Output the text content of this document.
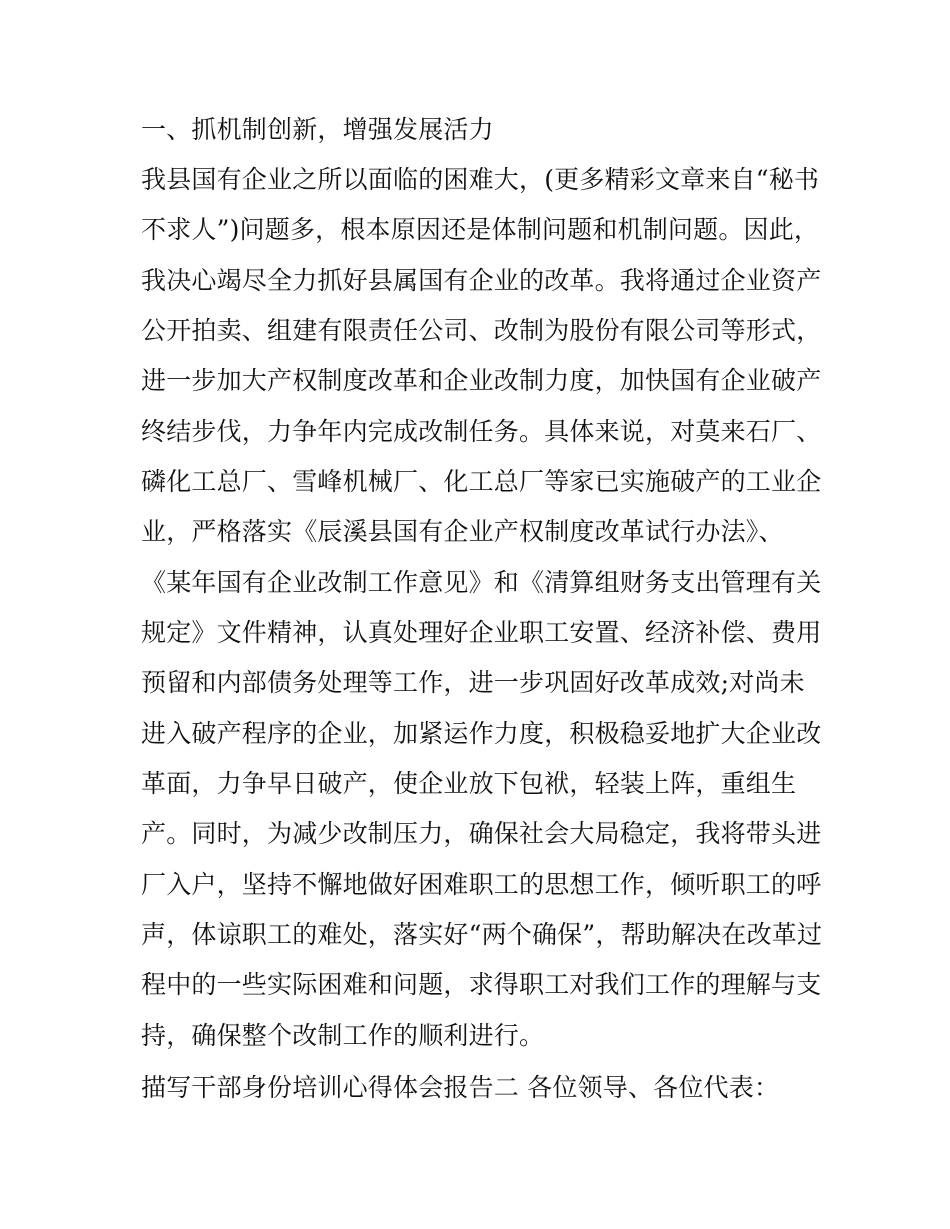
一、抓机制创新，增强发展活力
我县国有企业之所以面临的困难大，(更多精彩文章来自“秘书
不求人”)问题多，根本原因还是体制问题和机制问题。因此，
我决心竭尽全力抓好县属国有企业的改革。我将通过企业资产
公开拍卖、组建有限责任公司、改制为股份有限公司等形式，
进一步加大产权制度改革和企业改制力度，加快国有企业破产
终结步伐，力争年内完成改制任务。具体来说，对莫来石厂、
磷化工总厂、雪峰机械厂、化工总厂等家已实施破产的工业企
业，严格落实《辰溪县国有企业产权制度改革试行办法》、
《某年国有企业改制工作意见》和《清算组财务支出管理有关
规定》文件精神，认真处理好企业职工安置、经济补偿、费用
预留和内部债务处理等工作，进一步巩固好改革成效;对尚未
进入破产程序的企业，加紧运作力度，积极稳妥地扩大企业改
革面，力争早日破产，使企业放下包袱，轻装上阵，重组生
产。同时，为减少改制压力，确保社会大局稳定，我将带头进
厂入户，坚持不懈地做好困难职工的思想工作，倾听职工的呼
声，体谅职工的难处，落实好“两个确保”，帮助解决在改革过
程中的一些实际困难和问题，求得职工对我们工作的理解与支
持，确保整个改制工作的顺利进行。
描写干部身份培训心得体会报告二 各位领导、各位代表：
